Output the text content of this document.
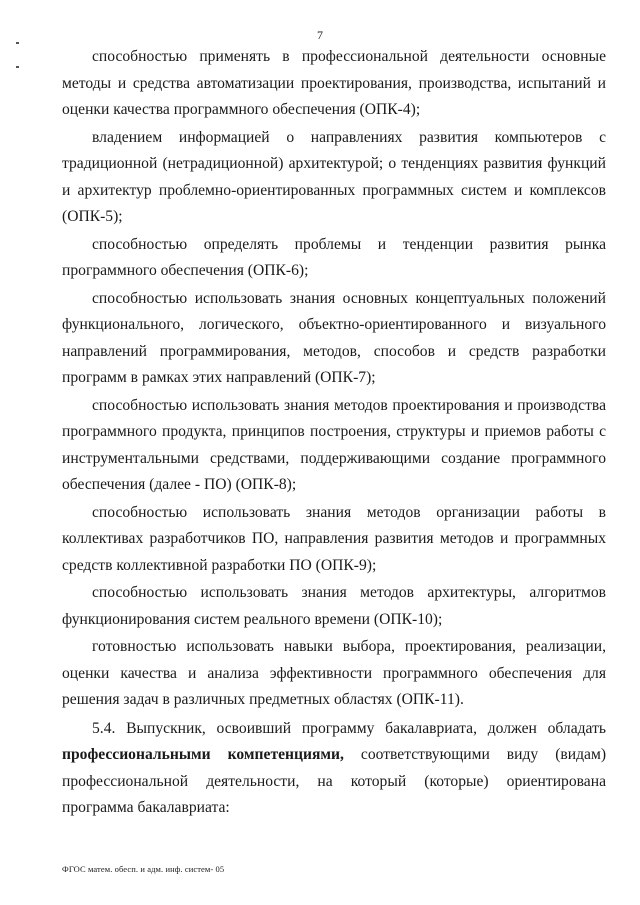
7

способностью применять в профессиональной деятельности основные методы и средства автоматизации проектирования, производства, испытаний и оценки качества программного обеспечения (ОПК-4);

владением информацией о направлениях развития компьютеров с традиционной (нетрадиционной) архитектурой; о тенденциях развития функций и архитектур проблемно-ориентированных программных систем и комплексов (ОПК-5);

способностью определять проблемы и тенденции развития рынка программного обеспечения (ОПК-6);

способностью использовать знания основных концептуальных положений функционального, логического, объектно-ориентированного и визуального направлений программирования, методов, способов и средств разработки программ в рамках этих направлений (ОПК-7);

способностью использовать знания методов проектирования и производства программного продукта, принципов построения, структуры и приемов работы с инструментальными средствами, поддерживающими создание программного обеспечения (далее - ПО) (ОПК-8);

способностью использовать знания методов организации работы в коллективах разработчиков ПО, направления развития методов и программных средств коллективной разработки ПО (ОПК-9);

способностью использовать знания методов архитектуры, алгоритмов функционирования систем реального времени (ОПК-10);

готовностью использовать навыки выбора, проектирования, реализации, оценки качества и анализа эффективности программного обеспечения для решения задач в различных предметных областях (ОПК-11).

5.4. Выпускник, освоивший программу бакалавриата, должен обладать профессиональными компетенциями, соответствующими виду (видам) профессиональной деятельности, на который (которые) ориентирована программа бакалавриата:

ФГОС матем. обесп. и адм. инф. систем- 05
